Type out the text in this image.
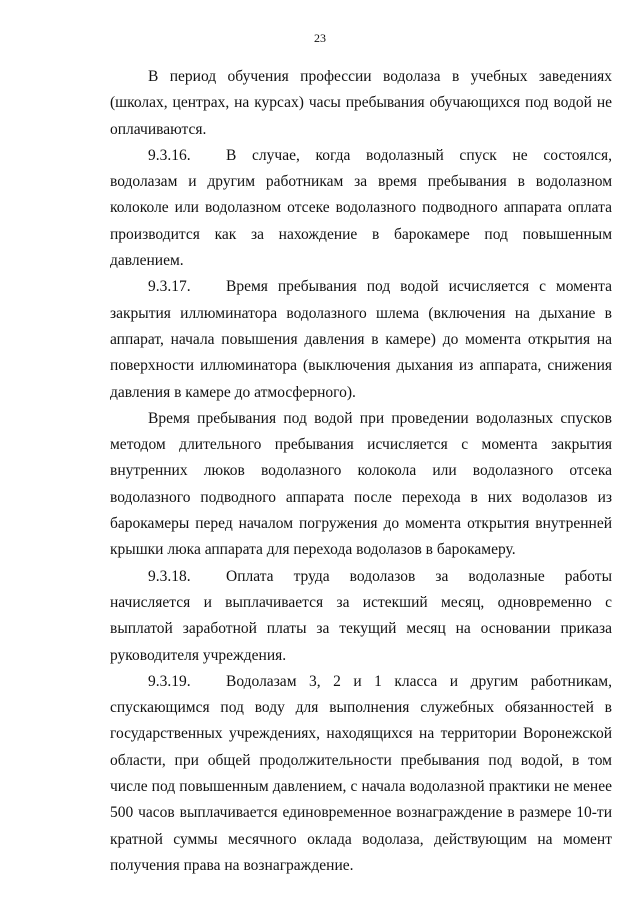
23

В период обучения профессии водолаза в учебных заведениях (школах, центрах, на курсах) часы пребывания обучающихся под водой не оплачиваются.

9.3.16. В случае, когда водолазный спуск не состоялся, водолазам и другим работникам за время пребывания в водолазном колоколе или водолазном отсеке водолазного подводного аппарата оплата производится как за нахождение в барокамере под повышенным давлением.

9.3.17. Время пребывания под водой исчисляется с момента закрытия иллюминатора водолазного шлема (включения на дыхание в аппарат, начала повышения давления в камере) до момента открытия на поверхности иллюминатора (выключения дыхания из аппарата, снижения давления в камере до атмосферного).

Время пребывания под водой при проведении водолазных спусков методом длительного пребывания исчисляется с момента закрытия внутренних люков водолазного колокола или водолазного отсека водолазного подводного аппарата после перехода в них водолазов из барокамеры перед началом погружения до момента открытия внутренней крышки люка аппарата для перехода водолазов в барокамеру.

9.3.18. Оплата труда водолазов за водолазные работы начисляется и выплачивается за истекший месяц, одновременно с выплатой заработной платы за текущий месяц на основании приказа руководителя учреждения.

9.3.19. Водолазам 3, 2 и 1 класса и другим работникам, спускающимся под воду для выполнения служебных обязанностей в государственных учреждениях, находящихся на территории Воронежской области, при общей продолжительности пребывания под водой, в том числе под повышенным давлением, с начала водолазной практики не менее 500 часов выплачивается единовременное вознаграждение в размере 10-ти кратной суммы месячного оклада водолаза, действующим на момент получения права на вознаграждение.
